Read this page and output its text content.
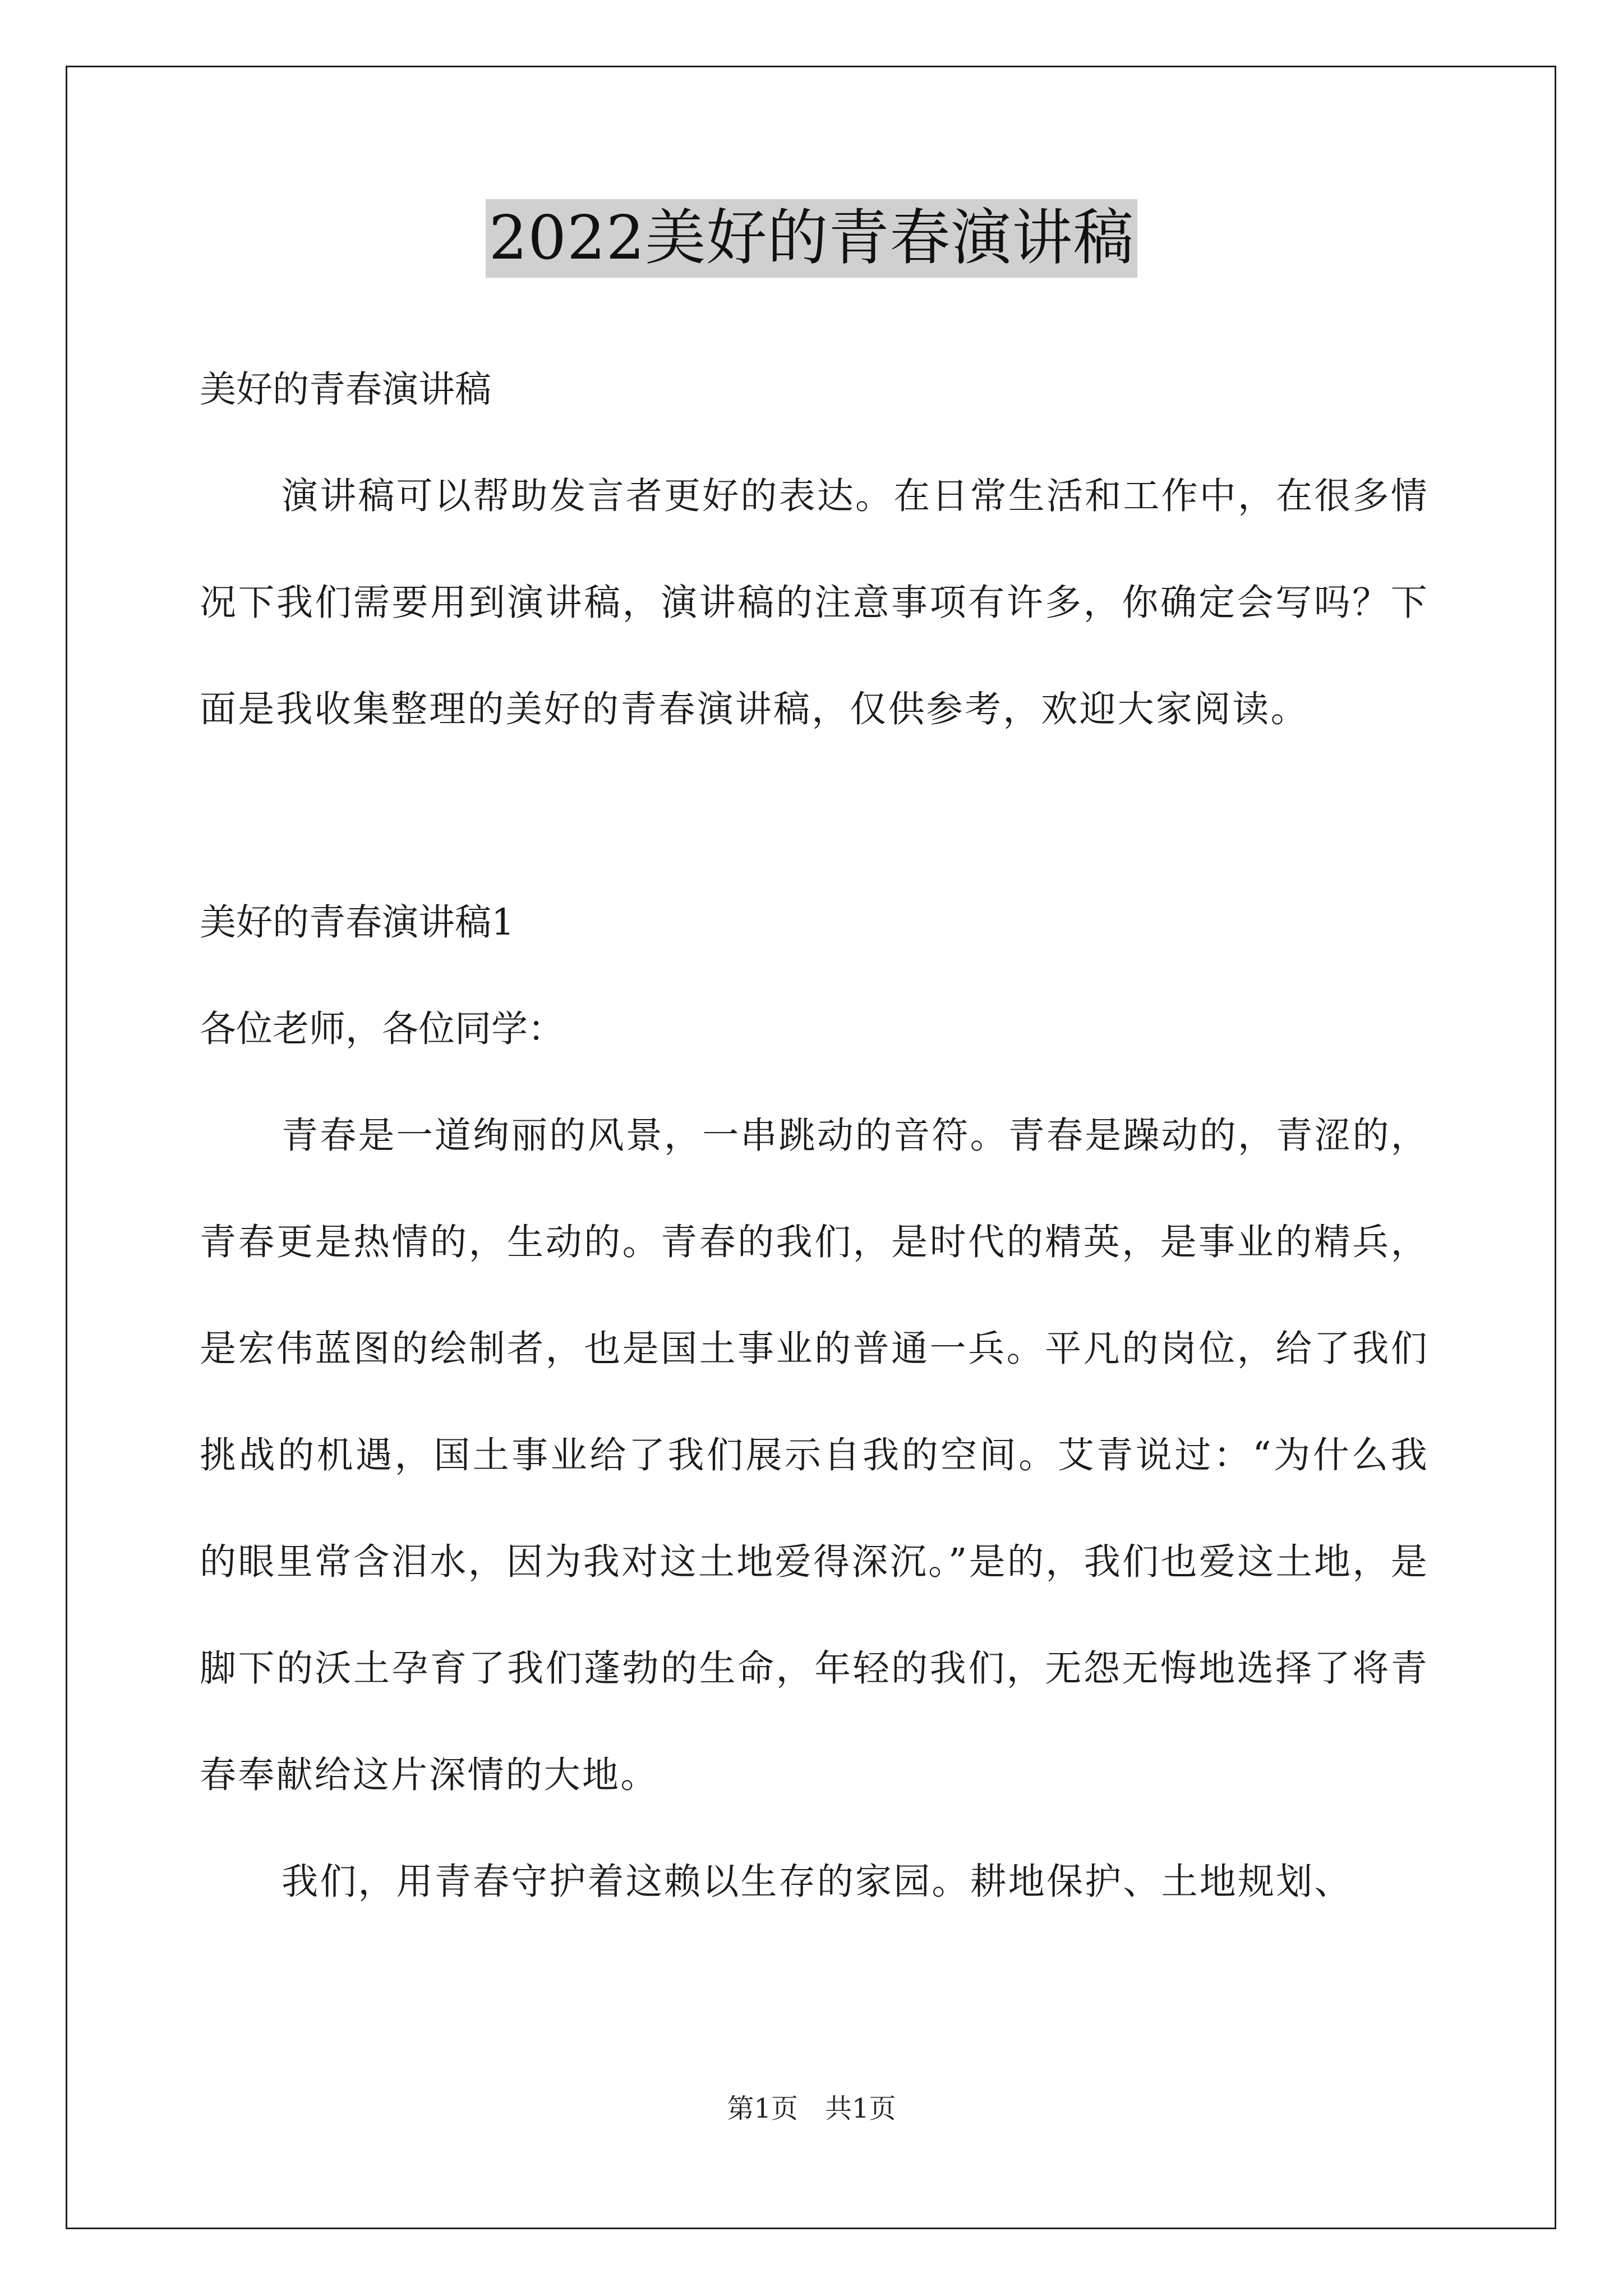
2022美好的青春演讲稿

美好的青春演讲稿

演讲稿可以帮助发言者更好的表达。在日常生活和工作中，在很多情况下我们需要用到演讲稿，演讲稿的注意事项有许多，你确定会写吗？下面是我收集整理的美好的青春演讲稿，仅供参考，欢迎大家阅读。

美好的青春演讲稿1

各位老师，各位同学：

青春是一道绚丽的风景，一串跳动的音符。青春是躁动的，青涩的，青春更是热情的，生动的。青春的我们，是时代的精英，是事业的精兵，是宏伟蓝图的绘制者，也是国土事业的普通一兵。平凡的岗位，给了我们挑战的机遇，国土事业给了我们展示自我的空间。艾青说过：“为什么我的眼里常含泪水，因为我对这土地爱得深沉。”是的，我们也爱这土地，是脚下的沃土孕育了我们蓬勃的生命，年轻的我们，无怨无悔地选择了将青春奉献给这片深情的大地。

我们，用青春守护着这赖以生存的家园。耕地保护、土地规划、

第1页　共1页
